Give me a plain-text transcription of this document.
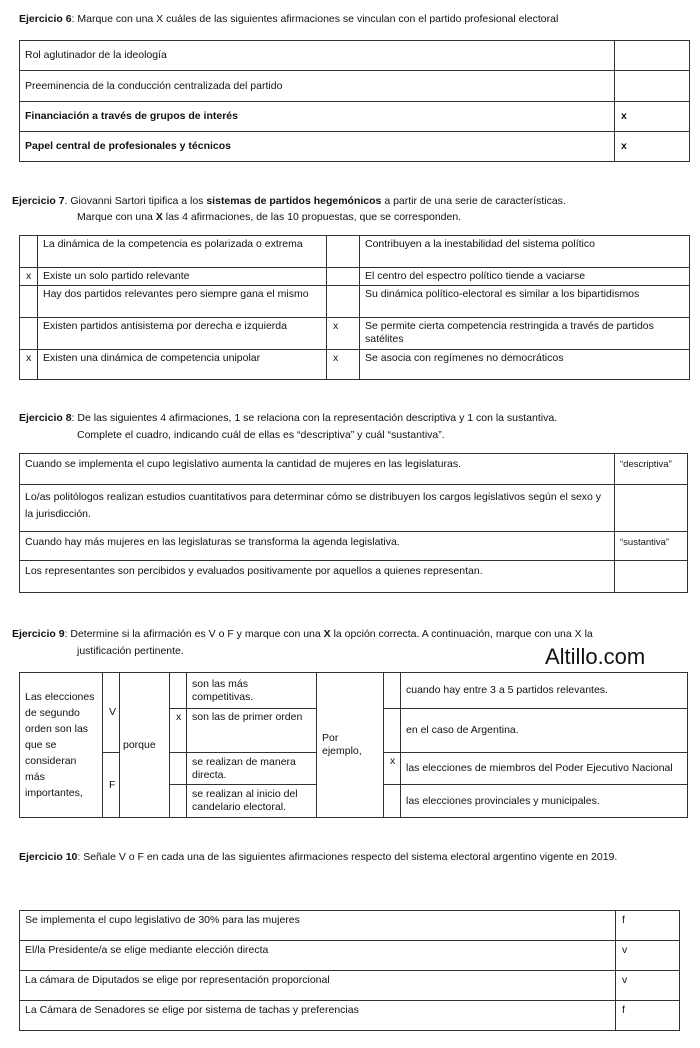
Ejercicio 6: Marque con una X cuáles de las siguientes afirmaciones se vinculan con el partido profesional electoral
Rol aglutinador de la ideología	
Preeminencia de la conducción centralizada del partido	
Financiación a través de grupos de interés	x
Papel central de profesionales y técnicos	x
Ejercicio 7. Giovanni Sartori tipifica a los sistemas de partidos hegemónicos a partir de una serie de características.
Marque con una X las 4 afirmaciones, de las 10 propuestas, que se corresponden.
	La dinámica de la competencia es polarizada o extrema		Contribuyen a la inestabilidad del sistema político
x	Existe un solo partido relevante		El centro del espectro político tiende a vaciarse
	Hay dos partidos relevantes pero siempre gana el mismo		Su dinámica político-electoral es similar a los bipartidismos
	Existen partidos antisistema por derecha e izquierda	x	Se permite cierta competencia restringida a través de partidos satélites
x	Existen una dinámica de competencia unipolar	x	Se asocia con regímenes no democráticos
Ejercicio 8: De las siguientes 4 afirmaciones, 1 se relaciona con la representación descriptiva y 1 con la sustantiva.
Complete el cuadro, indicando cuál de ellas es “descriptiva” y cuál “sustantiva”.
Cuando se implementa el cupo legislativo aumenta la cantidad de mujeres en las legislaturas.	“descriptiva”
Lo/as politólogos realizan estudios cuantitativos para determinar cómo se distribuyen los cargos legislativos según el sexo y la jurisdicción.	
Cuando hay más mujeres en las legislaturas se transforma la agenda legislativa.	“sustantiva”
Los representantes son percibidos y evaluados positivamente por aquellos a quienes representan.	
Ejercicio 9: Determine si la afirmación es V o F y marque con una X la opción correcta. A continuación, marque con una X la
justificación pertinente.	Altillo.com
Las elecciones de segundo orden son las que se consideran más importantes,	V	porque		son las más competitivas.	Por ejemplo,		cuando hay entre 3 a 5 partidos relevantes.
			x	son las de primer orden			en el caso de Argentina.
	F			se realizan de manera directa.		x	las elecciones de miembros del Poder Ejecutivo Nacional
				se realizan al inicio del candelario electoral.			las elecciones provinciales y municipales.
Ejercicio 10: Señale V o F en cada una de las siguientes afirmaciones respecto del sistema electoral argentino vigente en 2019.
Se implementa el cupo legislativo de 30% para las mujeres	f
El/la Presidente/a se elige mediante elección directa	v
La cámara de Diputados se elige por representación proporcional	v
La Cámara de Senadores se elige por sistema de tachas y preferencias	f
